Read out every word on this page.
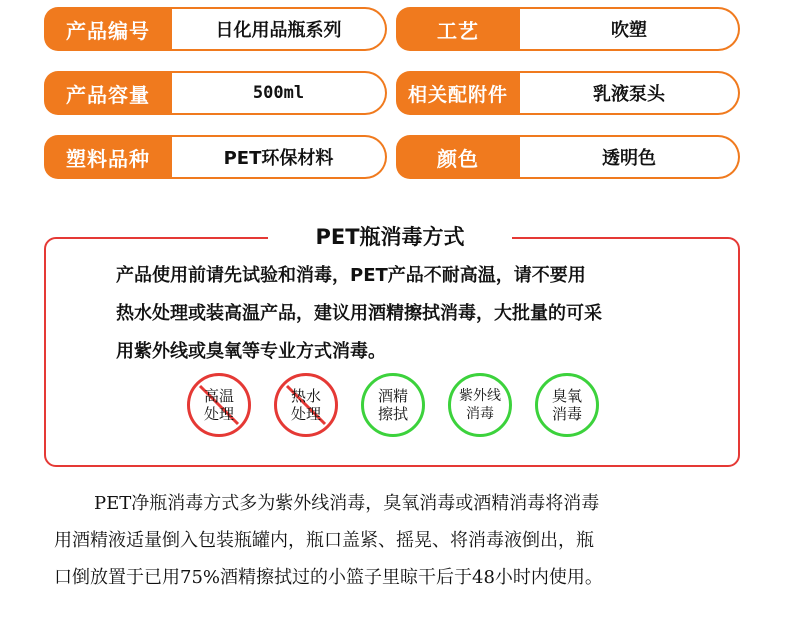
产品编号	日化用品瓶系列	工艺	吹塑
产品容量	500ml	相关配附件	乳液泵头
塑料品种	PET环保材料	颜色	透明色
PET瓶消毒方式
产品使用前请先试验和消毒，PET产品不耐高温，请不要用
热水处理或装高温产品，建议用酒精擦拭消毒，大批量的可采
用紫外线或臭氧等专业方式消毒。
高温
处理
热水
处理
酒精
擦拭
紫外线
消毒
臭氧
消毒
PET净瓶消毒方式多为紫外线消毒，臭氧消毒或酒精消毒将消毒
用酒精液适量倒入包装瓶罐内，瓶口盖紧、摇晃、将消毒液倒出，瓶
口倒放置于已用75%酒精擦拭过的小篮子里晾干后于48小时内使用。
